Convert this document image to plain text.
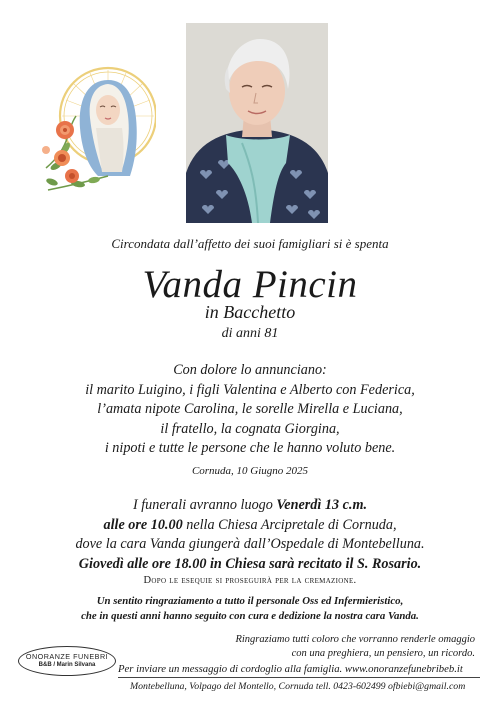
Circondata dall’affetto dei suoi famigliari si è spenta
Vanda Pincin
in Bacchetto
di anni 81
Con dolore lo annunciano:
il marito Luigino, i figli Valentina e Alberto con Federica,
l’amata nipote Carolina, le sorelle Mirella e Luciana,
il fratello, la cognata Giorgina,
i nipoti e tutte le persone che le hanno voluto bene.
Cornuda, 10 Giugno 2025
I funerali avranno luogo Venerdì 13 c.m.
alle ore 10.00 nella Chiesa Arcipretale di Cornuda,
dove la cara Vanda giungerà dall’Ospedale di Montebelluna.
Giovedì alle ore 18.00 in Chiesa sarà recitato il S. Rosario.
Dopo le esequie si proseguirà per la cremazione.
Un sentito ringraziamento a tutto il personale Oss ed Infermieristico,
che in questi anni hanno seguito con cura e dedizione la nostra cara Vanda.
Ringraziamo tutti coloro che vorranno renderle omaggio
con una preghiera, un pensiero, un ricordo.
ONORANZE FUNEBRI
B&B / Marin Silvana	Per inviare un messaggio di cordoglio alla famiglia. www.onoranzefunebribeb.it
Montebelluna, Volpago del Montello, Cornuda tell. 0423-602499 ofbiebi@gmail.com
